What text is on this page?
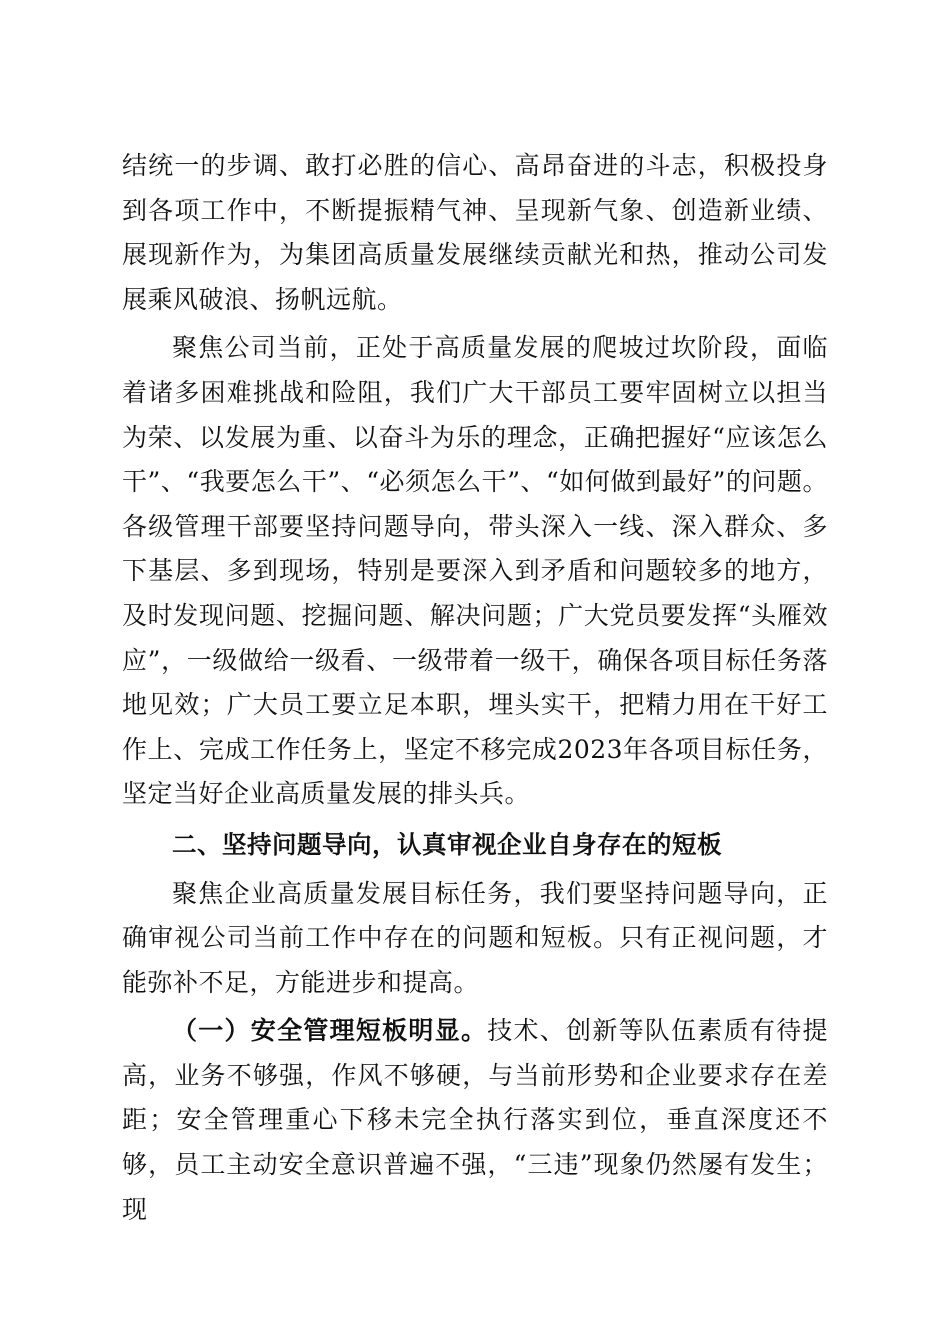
结统一的步调、敢打必胜的信心、高昂奋进的斗志，积极投身到各项工作中，不断提振精气神、呈现新气象、创造新业绩、展现新作为，为集团高质量发展继续贡献光和热，推动公司发展乘风破浪、扬帆远航。

聚焦公司当前，正处于高质量发展的爬坡过坎阶段，面临着诸多困难挑战和险阻，我们广大干部员工要牢固树立以担当为荣、以发展为重、以奋斗为乐的理念，正确把握好“应该怎么干”、“我要怎么干”、“必须怎么干”、“如何做到最好”的问题。各级管理干部要坚持问题导向，带头深入一线、深入群众、多下基层、多到现场，特别是要深入到矛盾和问题较多的地方，及时发现问题、挖掘问题、解决问题；广大党员要发挥“头雁效应”，一级做给一级看、一级带着一级干，确保各项目标任务落地见效；广大员工要立足本职，埋头实干，把精力用在干好工作上、完成工作任务上，坚定不移完成2023年各项目标任务，坚定当好企业高质量发展的排头兵。

二、坚持问题导向，认真审视企业自身存在的短板

聚焦企业高质量发展目标任务，我们要坚持问题导向，正确审视公司当前工作中存在的问题和短板。只有正视问题，才能弥补不足，方能进步和提高。

（一）安全管理短板明显。技术、创新等队伍素质有待提高，业务不够强，作风不够硬，与当前形势和企业要求存在差距；安全管理重心下移未完全执行落实到位，垂直深度还不够，员工主动安全意识普遍不强，“三违”现象仍然屡有发生；现
